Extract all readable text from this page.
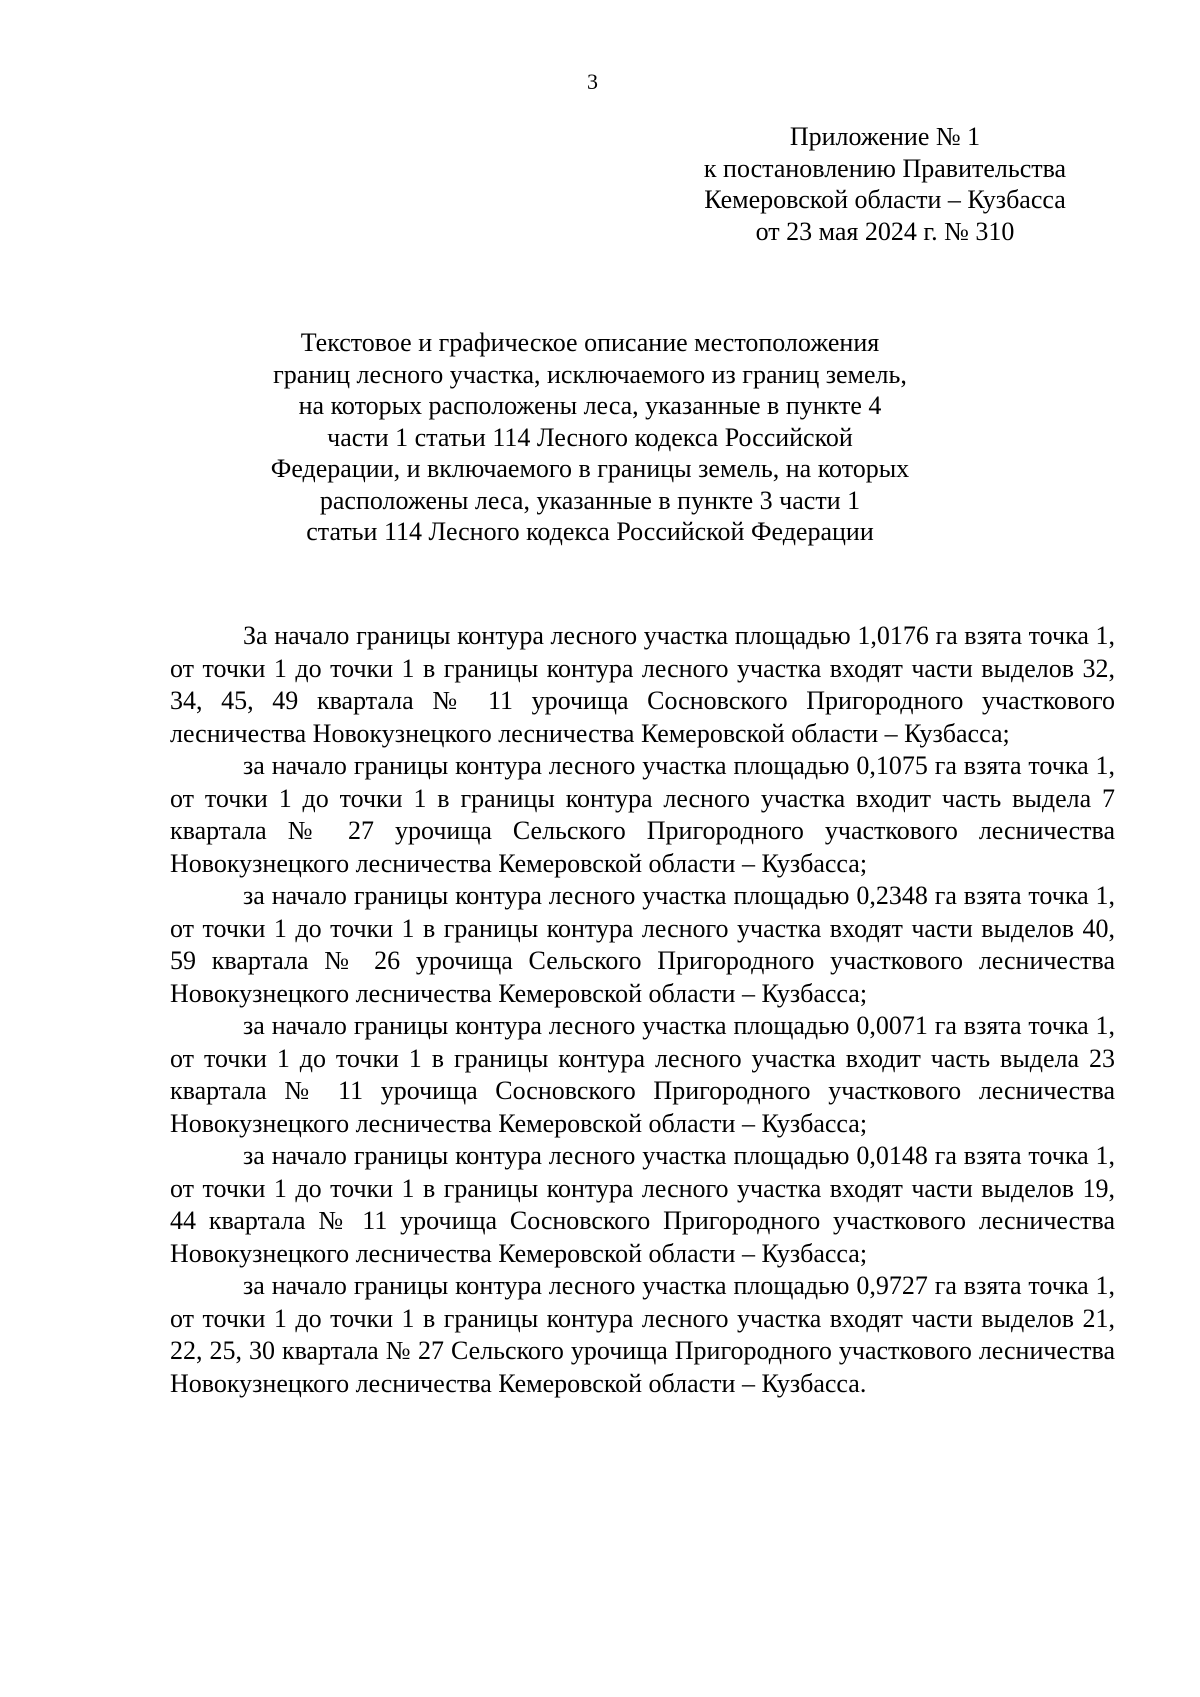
3
Приложение № 1
к постановлению Правительства
Кемеровской области – Кузбасса
от 23 мая 2024 г. № 310
Текстовое и графическое описание местоположения
границ лесного участка, исключаемого из границ земель,
на которых расположены леса, указанные в пункте 4
части 1 статьи 114 Лесного кодекса Российской
Федерации, и включаемого в границы земель, на которых
расположены леса, указанные в пункте 3 части 1
статьи 114 Лесного кодекса Российской Федерации

За начало границы контура лесного участка площадью 1,0176 га взята точка 1, от точки 1 до точки 1 в границы контура лесного участка входят части выделов 32, 34, 45, 49 квартала № 11 урочища Сосновского Пригородного участкового лесничества Новокузнецкого лесничества Кемеровской области – Кузбасса;

за начало границы контура лесного участка площадью 0,1075 га взята точка 1, от точки 1 до точки 1 в границы контура лесного участка входит часть выдела 7 квартала № 27 урочища Сельского Пригородного участкового лесничества Новокузнецкого лесничества Кемеровской области – Кузбасса;

за начало границы контура лесного участка площадью 0,2348 га взята точка 1, от точки 1 до точки 1 в границы контура лесного участка входят части выделов 40, 59 квартала № 26 урочища Сельского Пригородного участкового лесничества Новокузнецкого лесничества Кемеровской области – Кузбасса;

за начало границы контура лесного участка площадью 0,0071 га взята точка 1, от точки 1 до точки 1 в границы контура лесного участка входит часть выдела 23 квартала № 11 урочища Сосновского Пригородного участкового лесничества Новокузнецкого лесничества Кемеровской области – Кузбасса;

за начало границы контура лесного участка площадью 0,0148 га взята точка 1, от точки 1 до точки 1 в границы контура лесного участка входят части выделов 19, 44 квартала № 11 урочища Сосновского Пригородного участкового лесничества Новокузнецкого лесничества Кемеровской области – Кузбасса;

за начало границы контура лесного участка площадью 0,9727 га взята точка 1, от точки 1 до точки 1 в границы контура лесного участка входят части выделов 21, 22, 25, 30 квартала № 27 Сельского урочища Пригородного участкового лесничества Новокузнецкого лесничества Кемеровской области – Кузбасса.
